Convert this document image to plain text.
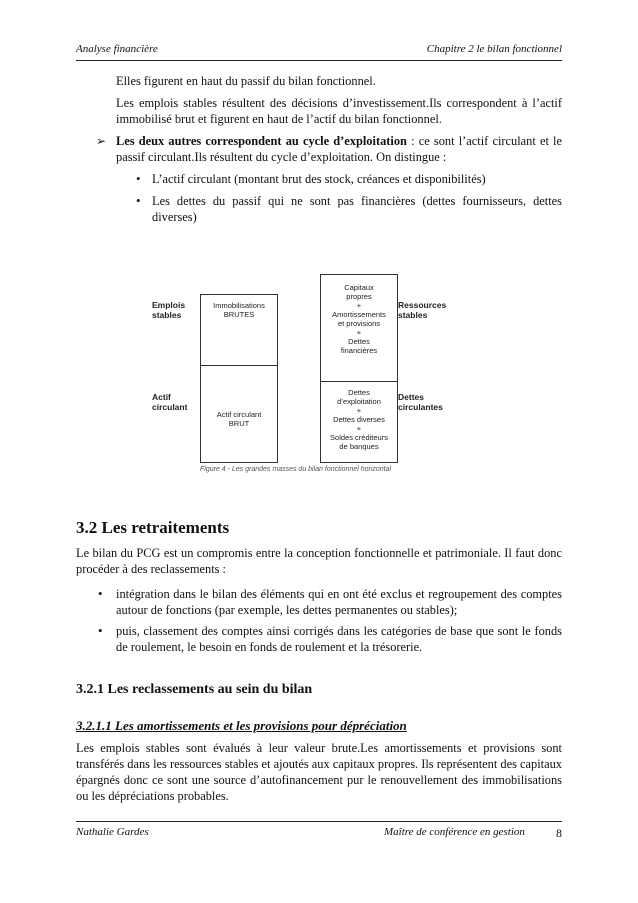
Analyse financière	Chapitre 2 le bilan fonctionnel

Elles figurent en haut du passif du bilan fonctionnel.

Les emplois stables résultent des décisions d’investissement.Ils correspondent à l’actif immobilisé brut et figurent en haut de l’actif du bilan fonctionnel.

➢ Les deux autres correspondent au cycle d’exploitation : ce sont l’actif circulant et le passif circulant.Ils résultent du cycle d’exploitation. On distingue :

• L’actif circulant (montant brut des stock, créances et disponibilités)

• Les dettes du passif qui ne sont pas financières (dettes fournisseurs, dettes diverses)

Emplois
stables
Actif
circulant
Immobilisations
BRUTES
Actif circulant
BRUT
Capitaux
propres
+
Amortissements
et provisions
+
Dettes
financières
Dettes
d’exploitation
+
Dettes diverses
+
Soldes créditeurs
de banques
Ressources
stables
Dettes
circulantes
Figure 4 - Les grandes masses du bilan fonctionnel horizontal
3.2 Les retraitements

Le bilan du PCG est un compromis entre la conception fonctionnelle et patrimoniale. Il faut donc procéder à des reclassements :

•	intégration dans le bilan des éléments qui en ont été exclus et regroupement des comptes autour de fonctions (par exemple, les dettes permanentes ou stables);

•	puis, classement des comptes ainsi corrigés dans les catégories de base que sont le fonds de roulement, le besoin en fonds de roulement et la trésorerie.

3.2.1 Les reclassements au sein du bilan
3.2.1.1 Les amortissements et les provisions pour dépréciation

Les emplois stables sont évalués à leur valeur brute.Les amortissements et provisions sont transférés dans les ressources stables et ajoutés aux capitaux propres. Ils représentent des capitaux épargnés donc ce sont une source d’autofinancement pur le renouvellement des immobilisations ou les dépréciations probables.

Nathalie Gardes	Maître de conférence en gestion	8
